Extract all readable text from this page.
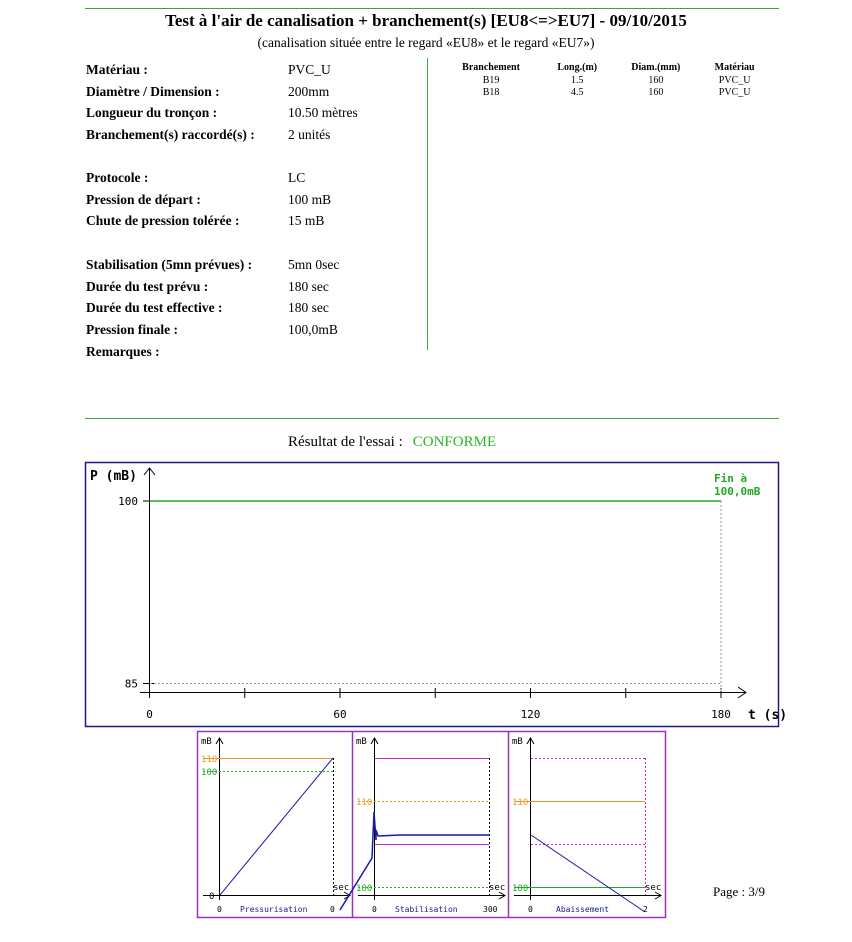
Test à l'air de canalisation + branchement(s) [EU8<=>EU7] - 09/10/2015
(canalisation située entre le regard «EU8» et le regard «EU7»)
Matériau :	PVC_U
Diamètre / Dimension :	200mm
Longueur du tronçon :	10.50 mètres
Branchement(s) raccordé(s) : 2 unités
Protocole :	LC
Pression de départ :	100 mB
Chute de pression tolérée :	15 mB
Stabilisation (5mn prévues) :	5mn 0sec
Durée du test prévu :	180 sec
Durée du test effective :	180 sec
Pression finale :	100,0mB
Remarques :
Branchement	Long.(m)	Diam.(mm)	Matériau
B19	1.5	160	PVC_U
B18	4.5	160	PVC_U
Résultat de l'essai : CONFORME
P (mB)
t (s)
0	60	120	180
85
100
Fin à
100,0mB
mB
110
100
0
sec
0	0
Pressurisation
mB
110
100	sec
0	300
Stabilisation
mB
110
100	sec
0	2
Abaissement
Page : 3/9
